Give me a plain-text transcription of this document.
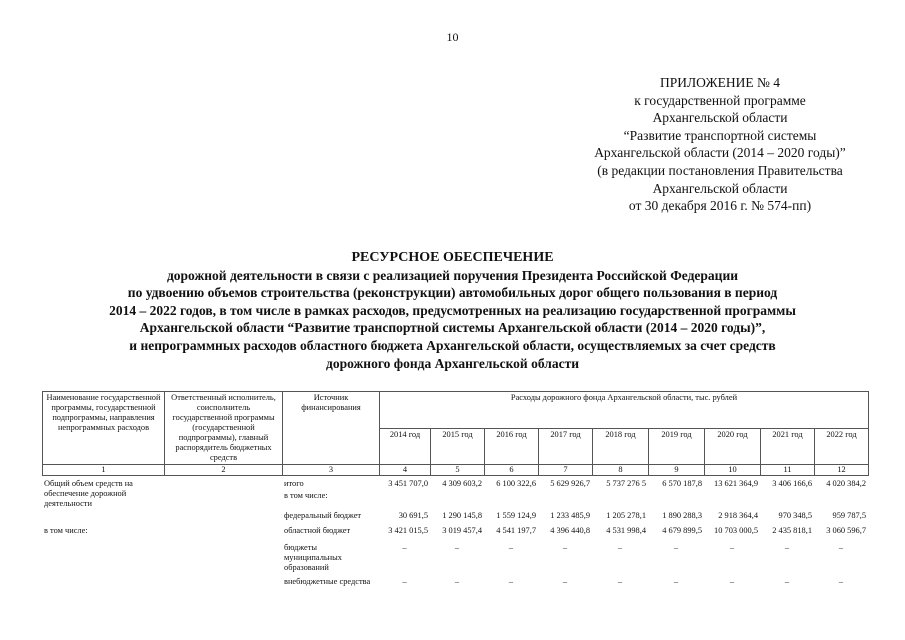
10
ПРИЛОЖЕНИЕ № 4
к государственной программе
Архангельской области
“Развитие транспортной системы
Архангельской области (2014 – 2020 годы)”
(в редакции постановления Правительства
Архангельской области
от 30 декабря 2016 г. № 574-пп)
РЕСУРСНОЕ ОБЕСПЕЧЕНИЕ
дорожной деятельности в связи с реализацией поручения Президента Российской Федерации
по удвоению объемов строительства (реконструкции) автомобильных дорог общего пользования в период
2014 – 2022 годов, в том числе в рамках расходов, предусмотренных на реализацию государственной программы
Архангельской области “Развитие транспортной системы Архангельской области (2014 – 2020 годы)”,
и непрограммных расходов областного бюджета Архангельской области, осуществляемых за счет средств
дорожного фонда Архангельской области
Наименование государственной программы, государственной подпрограммы, направления непрограммных расходов	Ответственный исполнитель, соисполнитель государственной программы (государственной подпрограммы), главный распорядитель бюджетных средств	Источник финансирования	Расходы дорожного фонда Архангельской области, тыс. рублей								
			2014 год	2015 год	2016 год	2017 год	2018 год	2019 год	2020 год	2021 год	2022 год
1	2	3	4	5	6	7	8	9	10	11	12
Общий объем средств на обеспечение дорожной деятельности		итого	3 451 707,0	4 309 603,2	6 100 322,6	5 629 926,7	5 737 276 5	6 570 187,8	13 621 364,9	3 406 166,6	4 020 384,2
		в том числе:									
		федеральный бюджет	30 691,5	1 290 145,8	1 559 124,9	1 233 485,9	1 205 278,1	1 890 288,3	2 918 364,4	970 348,5	959 787,5
в том числе:		областной бюджет	3 421 015,5	3 019 457,4	4 541 197,7	4 396 440,8	4 531 998,4	4 679 899,5	10 703 000,5	2 435 818,1	3 060 596,7
		бюджеты муниципальных образований	–	–	–	–	–	–	–	–	–
		внебюджетные средства	–	–	–	–	–	–	–	–	–
